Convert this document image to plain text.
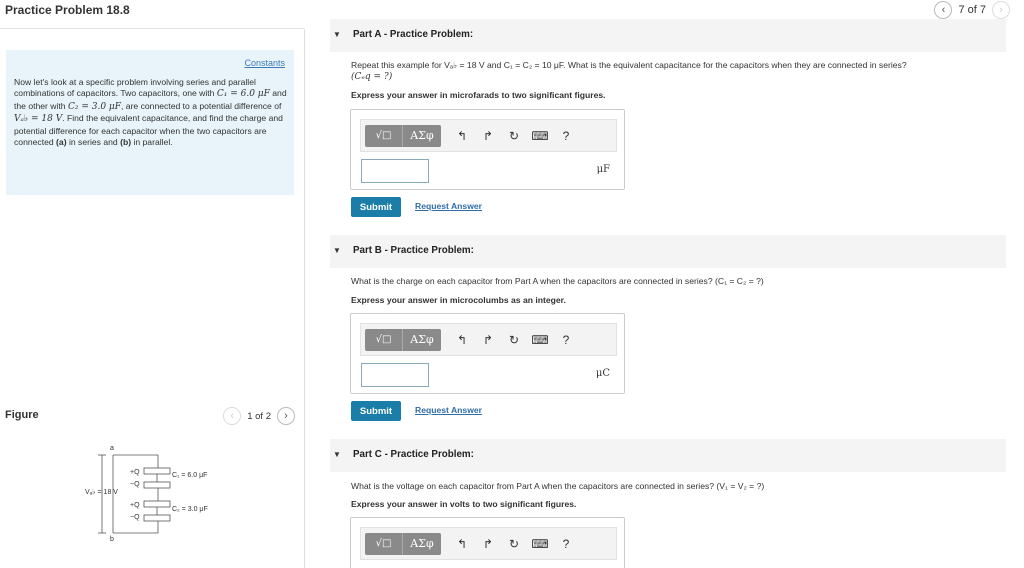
Practice Problem 18.8	‹ 7 of 7 ›
Constants
Now let's look at a specific problem involving series and parallel combinations of capacitors. Two capacitors, one with C₁ = 6.0 μF and the other with C₂ = 3.0 μF, are connected to a potential difference of Vₐ♭ = 18 V. Find the equivalent capacitance, and find the charge and potential difference for each capacitor when the two capacitors are connected (a) in series and (b) in parallel.
Figure	‹ 1 of 2 ›
a
b
Vₐ♭ = 18 V
C₁ = 6.0 μF
C₂ = 3.0 μF
+Q
−Q
+Q
−Q
▼ Part A - Practice Problem:
Repeat this example for Vₐ♭ = 18 V and C₁ = C₂ = 10 μF. What is the equivalent capacitance for the capacitors when they are connected in series?
(Cₑq = ?)
Express your answer in microfarads to two significant figures.
√□	ΑΣφ	↰	↱	↻	⌨	?
μF
Submit	Request Answer
▼ Part B - Practice Problem:
What is the charge on each capacitor from Part A when the capacitors are connected in series? (C₁ = C₂ = ?)
Express your answer in microcolumbs as an integer.
√□	ΑΣφ	↰	↱	↻	⌨	?
μC
Submit	Request Answer
▼ Part C - Practice Problem:
What is the voltage on each capacitor from Part A when the capacitors are connected in series? (V₁ = V₂ = ?)
Express your answer in volts to two significant figures.
√□	ΑΣφ	↰	↱	↻	⌨	?
